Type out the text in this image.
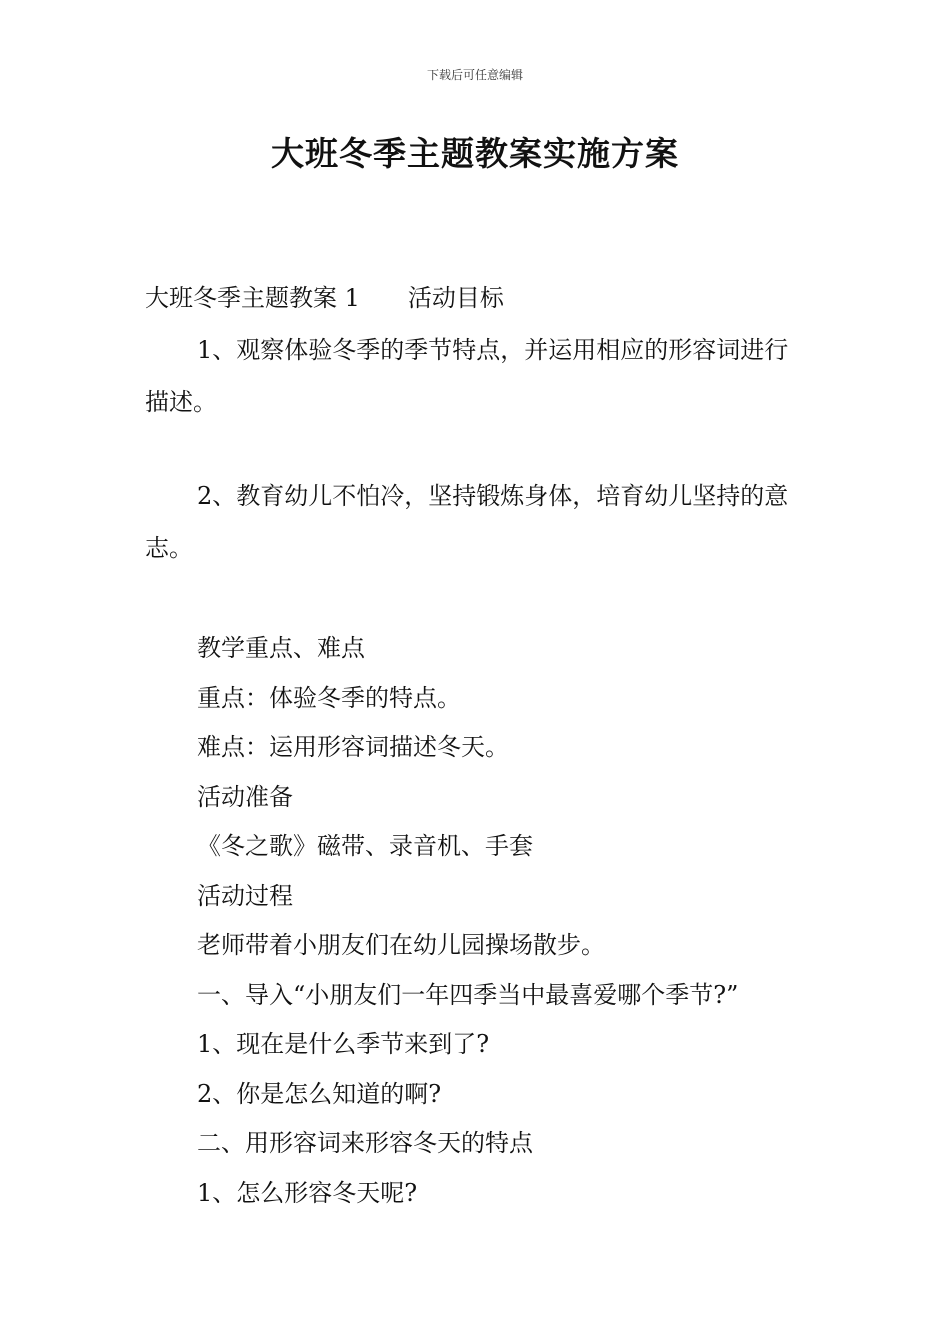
下载后可任意编辑
大班冬季主题教案实施方案

大班冬季主题教案 1 活动目标

1、观察体验冬季的季节特点，并运用相应的形容词进行描述。

2、教育幼儿不怕冷，坚持锻炼身体，培育幼儿坚持的意志。

教学重点、难点

重点：体验冬季的特点。

难点：运用形容词描述冬天。

活动准备

《冬之歌》磁带、录音机、手套

活动过程

老师带着小朋友们在幼儿园操场散步。

一、导入“小朋友们一年四季当中最喜爱哪个季节?”

1、现在是什么季节来到了?

2、你是怎么知道的啊?

二、用形容词来形容冬天的特点

1、怎么形容冬天呢?
